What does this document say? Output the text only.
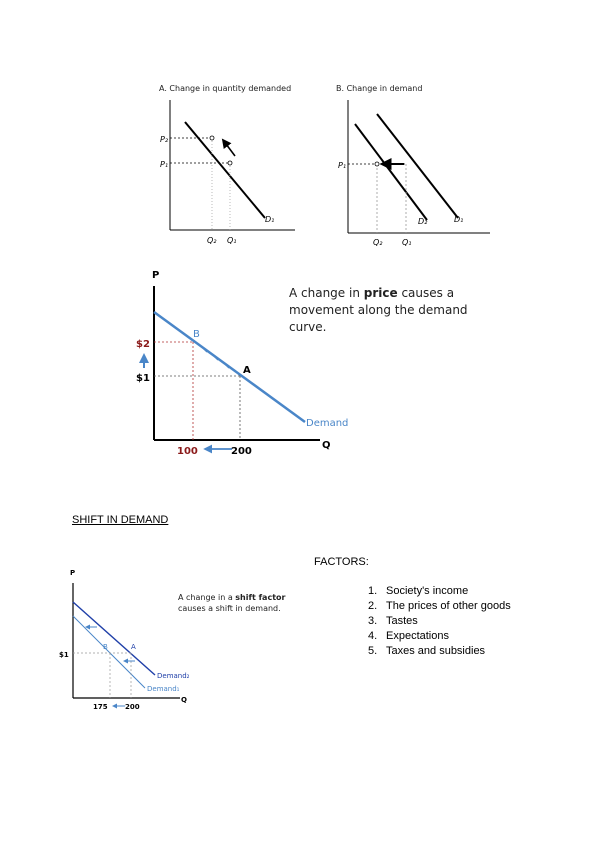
A. Change in quantity demanded
P₂
P₁
D₁
Q₂ Q₁
B. Change in demand
P₁
D₂	D₁
Q₂ Q₁
P
Q
$2
$1
B
A
Demand
100	200
A change in price causes a movement along the demand curve.
SHIFT IN DEMAND
P
Q
$1
B	A
Demand₂
Demand₁
175 200
A change in a shift factor causes a shift in demand.
FACTORS:
1. Society's income
2. The prices of other goods
3. Tastes
4. Expectations
5. Taxes and subsidies
